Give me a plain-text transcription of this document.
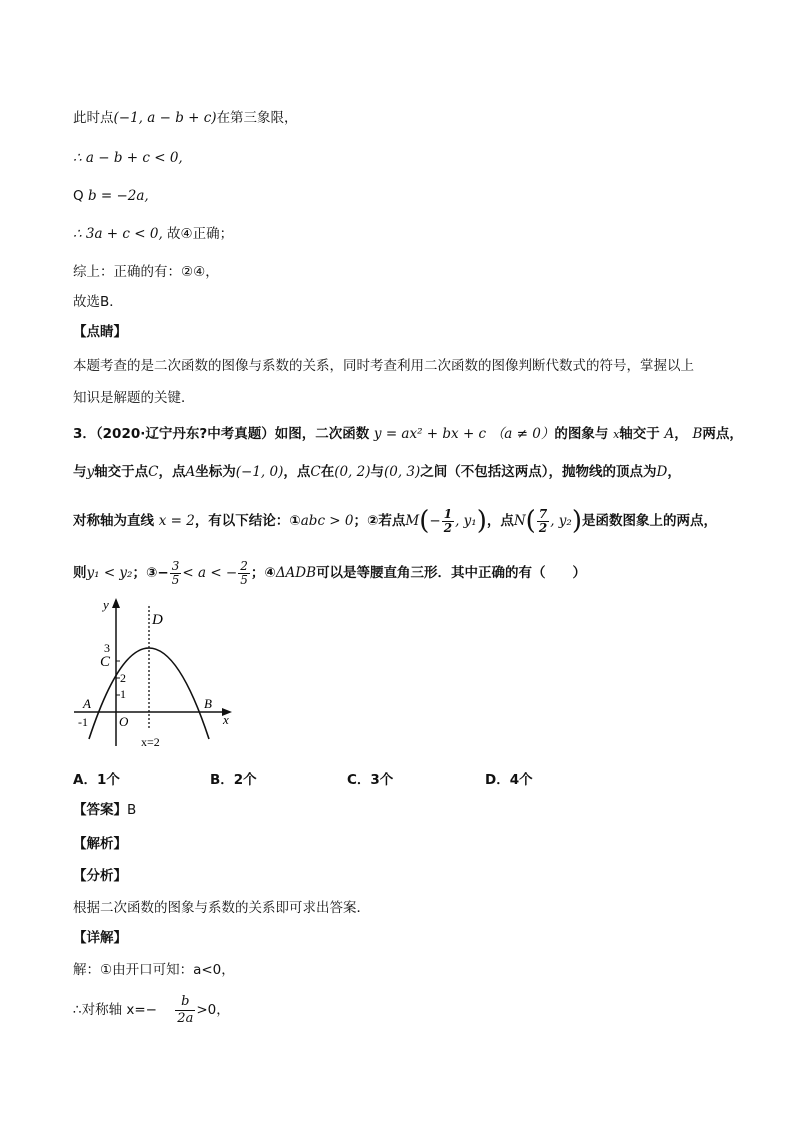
此时点(−1, a − b + c)在第三象限，
∴ a − b + c < 0,
Q b = −2a,
∴ 3a + c < 0, 故④正确；
综上：正确的有：②④，
故选B．
【点睛】
本题考查的是二次函数的图像与系数的关系，同时考查利用二次函数的图像判断代数式的符号，掌握以上
知识是解题的关键．
3．（2020·辽宁丹东?中考真题）如图，二次函数 y = ax² + bx + c （a ≠ 0）的图象与 x轴交于 A， B两点，
与y轴交于点C，点A坐标为(−1, 0)，点C在(0, 2)与(0, 3)之间（不包括这两点），抛物线的顶点为D，
对称轴为直线 x = 2，有以下结论：①abc > 0；②若点$M(- \frac{1}{2}$ , y₁)，点$N( \frac{7}{2}$ , y₂)是函数图象上的两点，
则y₁ < y₂；③− $\frac{3}{5} < a$ < − $\frac{2}{5}$ ；④ΔADB可以是等腰直角三形．其中正确的有（　　）
y
x
D
C
A	B
O
3
2
1
-1
x=2
A．1个	B．2个	C．3个	D．4个
【答案】B
【解析】
【分析】
根据二次函数的图象与系数的关系即可求出答案．
【详解】
解：①由开口可知：a<0，
∴对称轴 $x=- \frac{b}{2a} >0$，
